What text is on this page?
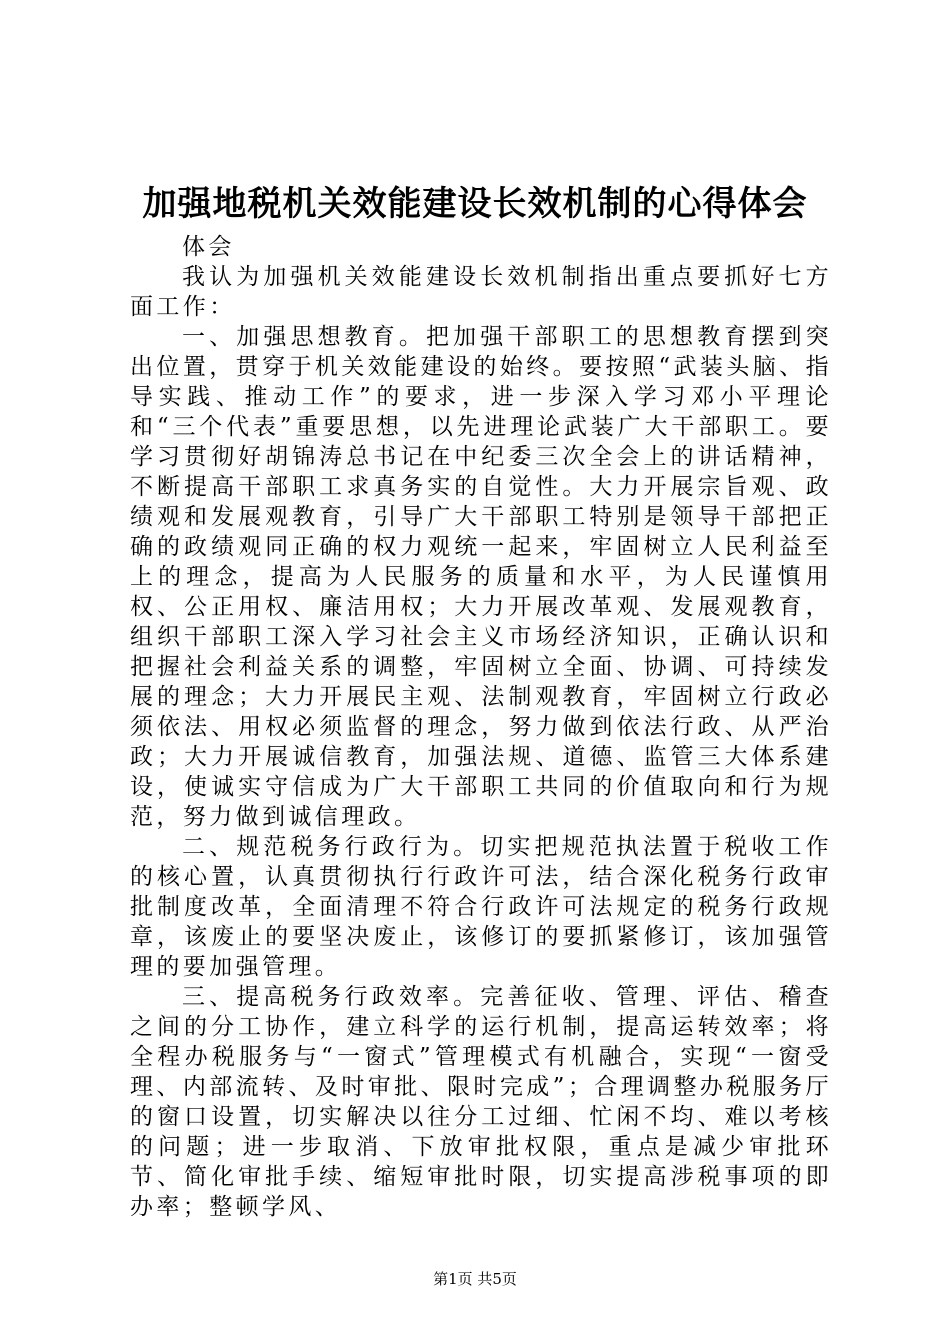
加强地税机关效能建设长效机制的心得体会

体会

我认为加强机关效能建设长效机制指出重点要抓好七方面工作：

一、加强思想教育。把加强干部职工的思想教育摆到突出位置，贯穿于机关效能建设的始终。要按照“武装头脑、指导实践、推动工作”的要求，进一步深入学习邓小平理论和“三个代表”重要思想，以先进理论武装广大干部职工。要学习贯彻好胡锦涛总书记在中纪委三次全会上的讲话精神，不断提高干部职工求真务实的自觉性。大力开展宗旨观、政绩观和发展观教育，引导广大干部职工特别是领导干部把正确的政绩观同正确的权力观统一起来，牢固树立人民利益至上的理念，提高为人民服务的质量和水平，为人民谨慎用权、公正用权、廉洁用权；大力开展改革观、发展观教育，组织干部职工深入学习社会主义市场经济知识，正确认识和把握社会利益关系的调整，牢固树立全面、协调、可持续发展的理念；大力开展民主观、法制观教育，牢固树立行政必须依法、用权必须监督的理念，努力做到依法行政、从严治政；大力开展诚信教育，加强法规、道德、监管三大体系建设，使诚实守信成为广大干部职工共同的价值取向和行为规范，努力做到诚信理政。

二、规范税务行政行为。切实把规范执法置于税收工作的核心置，认真贯彻执行行政许可法，结合深化税务行政审批制度改革，全面清理不符合行政许可法规定的税务行政规章，该废止的要坚决废止，该修订的要抓紧修订，该加强管理的要加强管理。

三、提高税务行政效率。完善征收、管理、评估、稽查之间的分工协作，建立科学的运行机制，提高运转效率；将全程办税服务与“一窗式”管理模式有机融合，实现“一窗受理、内部流转、及时审批、限时完成”；合理调整办税服务厅的窗口设置，切实解决以往分工过细、忙闲不均、难以考核的问题；进一步取消、下放审批权限，重点是减少审批环节、简化审批手续、缩短审批时限，切实提高涉税事项的即办率；整顿学风、

第1页 共5页
